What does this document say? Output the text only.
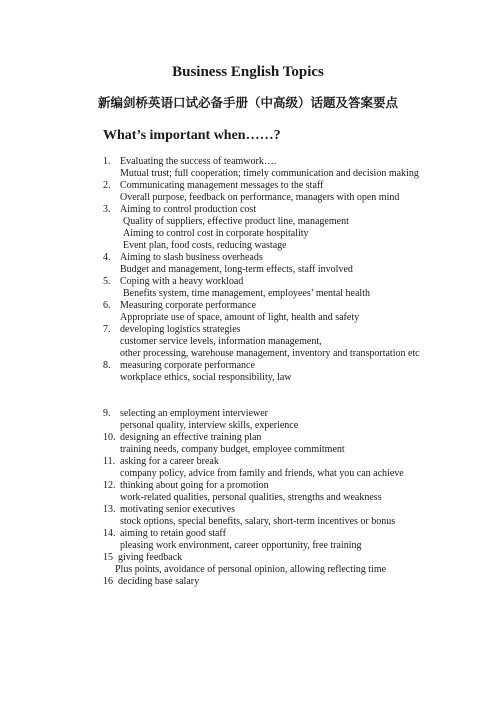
Business English Topics
新编剑桥英语口试必备手册（中高级）话题及答案要点
What’s important when……?
1. Evaluating the success of teamwork….
Mutual trust; full cooperation; timely communication and decision making
2. Communicating management messages to the staff
Overall purpose, feedback on performance, managers with open mind
3. Aiming to control production cost
Quality of suppliers, effective product line, management
Aiming to control cost in corporate hospitality
Event plan, food costs, reducing wastage
4. Aiming to slash business overheads
Budget and management, long-term effects, staff involved
5. Coping with a heavy workload
Benefits system, time management, employees’ mental health
6. Measuring corporate performance
Appropriate use of space, amount of light, health and safety
7. developing logistics strategies
customer service levels, information management,
other processing, warehouse management, inventory and transportation etc
8. measuring corporate performance
workplace ethics, social responsibility, law
9. selecting an employment interviewer
personal quality, interview skills, experience
10. designing an effective training plan
training needs, company budget, employee commitment
11. asking for a career break
company policy, advice from family and friends, what you can achieve
12. thinking about going for a promotion
work-related qualities, personal qualities, strengths and weakness
13. motivating senior executives
stock options, special benefits, salary, short-term incentives or bonus
14. aiming to retain good staff
pleasing work environment, career opportunity, free training
15 giving feedback
Plus points, avoidance of personal opinion, allowing reflecting time
16 deciding base salary
